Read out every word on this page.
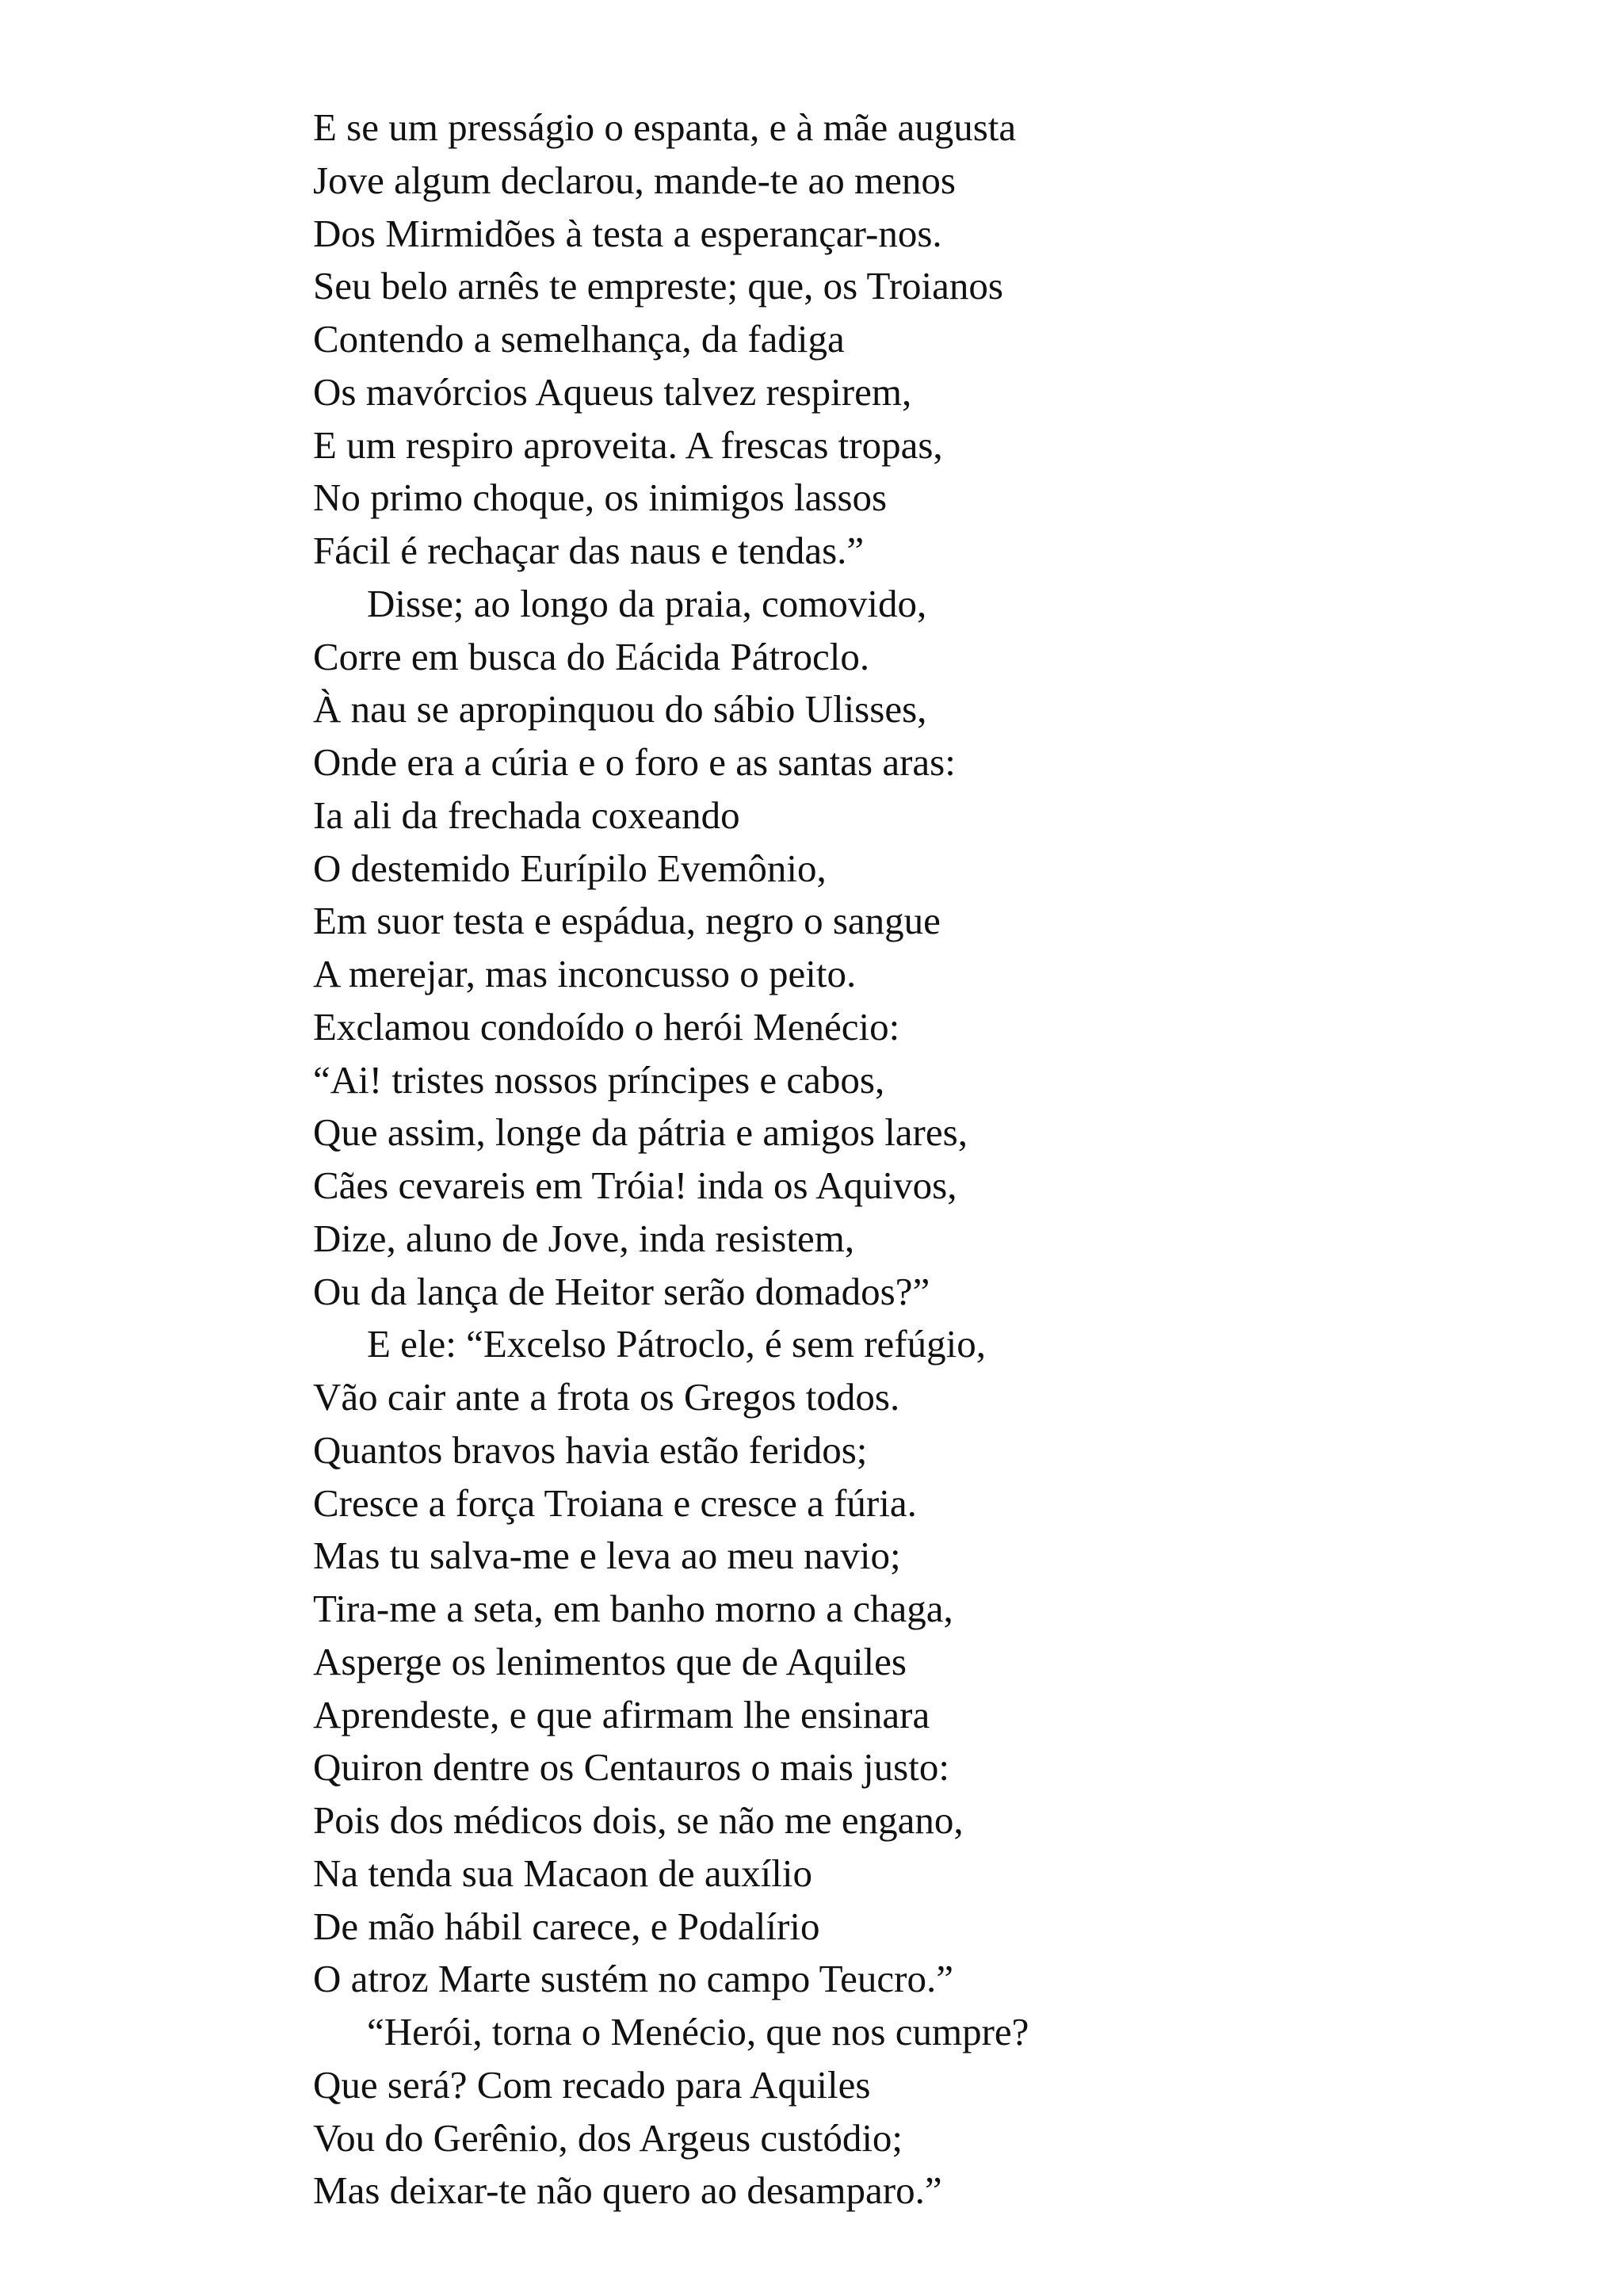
E se um presságio o espanta, e à mãe augusta
Jove algum declarou, mande-te ao menos
Dos Mirmidões à testa a esperançar-nos.
Seu belo arnês te empreste; que, os Troianos
Contendo a semelhança, da fadiga
Os mavórcios Aqueus talvez respirem,
E um respiro aproveita. A frescas tropas,
No primo choque, os inimigos lassos
Fácil é rechaçar das naus e tendas.”
Disse; ao longo da praia, comovido,
Corre em busca do Eácida Pátroclo.
À nau se apropinquou do sábio Ulisses,
Onde era a cúria e o foro e as santas aras:
Ia ali da frechada coxeando
O destemido Eurípilo Evemônio,
Em suor testa e espádua, negro o sangue
A merejar, mas inconcusso o peito.
Exclamou condoído o herói Menécio:
“Ai! tristes nossos príncipes e cabos,
Que assim, longe da pátria e amigos lares,
Cães cevareis em Tróia! inda os Aquivos,
Dize, aluno de Jove, inda resistem,
Ou da lança de Heitor serão domados?”
E ele: “Excelso Pátroclo, é sem refúgio,
Vão cair ante a frota os Gregos todos.
Quantos bravos havia estão feridos;
Cresce a força Troiana e cresce a fúria.
Mas tu salva-me e leva ao meu navio;
Tira-me a seta, em banho morno a chaga,
Asperge os lenimentos que de Aquiles
Aprendeste, e que afirmam lhe ensinara
Quiron dentre os Centauros o mais justo:
Pois dos médicos dois, se não me engano,
Na tenda sua Macaon de auxílio
De mão hábil carece, e Podalírio
O atroz Marte sustém no campo Teucro.”
“Herói, torna o Menécio, que nos cumpre?
Que será? Com recado para Aquiles
Vou do Gerênio, dos Argeus custódio;
Mas deixar-te não quero ao desamparo.”
